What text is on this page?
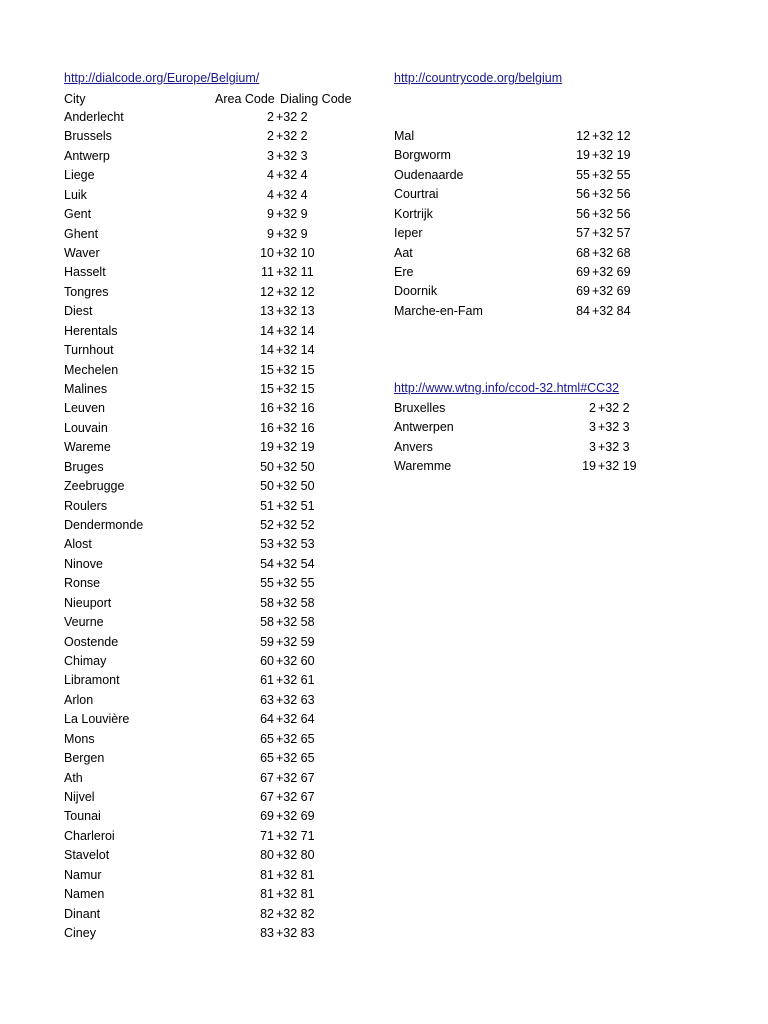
http://dialcode.org/Europe/Belgium/	http://countrycode.org/belgium
City	Area Code Dialing Code
Anderlecht	2 +32 2
Brussels	2 +32 2
Antwerp	3 +32 3
Liege	4 +32 4
Luik	4 +32 4
Gent	9 +32 9
Ghent	9 +32 9
Waver	10 +32 10
Hasselt	11 +32 11
Tongres	12 +32 12
Diest	13 +32 13
Herentals	14 +32 14
Turnhout	14 +32 14
Mechelen	15 +32 15
Malines	15 +32 15
Leuven	16 +32 16
Louvain	16 +32 16
Wareme	19 +32 19
Bruges	50 +32 50
Zeebrugge	50 +32 50
Roulers	51 +32 51
Dendermonde	52 +32 52
Alost	53 +32 53
Ninove	54 +32 54
Ronse	55 +32 55
Nieuport	58 +32 58
Veurne	58 +32 58
Oostende	59 +32 59
Chimay	60 +32 60
Libramont	61 +32 61
Arlon	63 +32 63
La Louvière	64 +32 64
Mons	65 +32 65
Bergen	65 +32 65
Ath	67 +32 67
Nijvel	67 +32 67
Tounai	69 +32 69
Charleroi	71 +32 71
Stavelot	80 +32 80
Namur	81 +32 81
Namen	81 +32 81
Dinant	82 +32 82
Ciney	83 +32 83
Mal	12 +32 12
Borgworm	19 +32 19
Oudenaarde	55 +32 55
Courtrai	56 +32 56
Kortrijk	56 +32 56
Ieper	57 +32 57
Aat	68 +32 68
Ere	69 +32 69
Doornik	69 +32 69
Marche-en-Fam	84 +32 84
http://www.wtng.info/ccod-32.html#CC32
Bruxelles	2 +32 2
Antwerpen	3 +32 3
Anvers	3 +32 3
Waremme	19 +32 19
